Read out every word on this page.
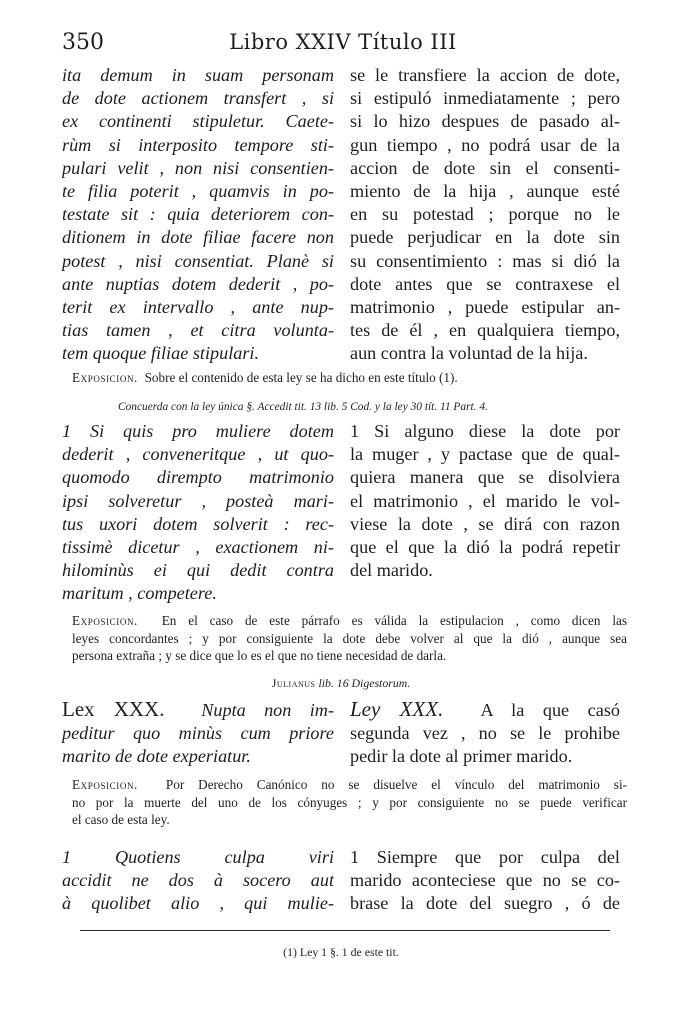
350	Libro XXIV Título III
ita demum in suam personam
de dote actionem transfert , si
ex continenti stipuletur. Caete-
rùm si interposito tempore sti-
pulari velit , non nisi consentien-
te filia poterit , quamvis in po-
testate sit : quia deteriorem con-
ditionem in dote filiae facere non
potest , nisi consentiat. Planè si
ante nuptias dotem dederit , po-
terit ex intervallo , ante nup-
tias tamen , et citra volunta-
tem quoque filiae stipulari.
se le transfiere la accion de dote,
si estipuló inmediatamente ; pero
si lo hizo despues de pasado al-
gun tiempo , no podrá usar de la
accion de dote sin el consenti-
miento de la hija , aunque esté
en su potestad ; porque no le
puede perjudicar en la dote sin
su consentimiento : mas si dió la
dote antes que se contraxese el
matrimonio , puede estipular an-
tes de él , en qualquiera tiempo,
aun contra la voluntad de la hija.
Exposicion. Sobre el contenido de esta ley se ha dicho en este título (1).
Concuerda con la ley única §. Accedit tit. 13 lib. 5 Cod. y la ley 30 tít. 11 Part. 4.
1 Si quis pro muliere dotem
dederit , conveneritque , ut quo-
quomodo dirempto matrimonio
ipsi solveretur , posteà mari-
tus uxori dotem solverit : rec-
tissimè dicetur , exactionem ni-
hilominùs ei qui dedit contra
maritum , competere.
1 Si alguno diese la dote por
la muger , y pactase que de qual-
quiera manera que se disolviera
el matrimonio , el marido le vol-
viese la dote , se dirá con razon
que el que la dió la podrá repetir
del marido.
Exposicion. En el caso de este párrafo es válida la estipulacion , como dicen las
leyes concordantes ; y por consiguiente la dote debe volver al que la dió , aunque sea
persona extraña ; y se dice que lo es el que no tiene necesidad de darla.
Julianus lib. 16 Digestorum.
Lex XXX. Nupta non im-
peditur quo minùs cum priore
marito de dote experiatur.
Ley XXX. A la que casó
segunda vez , no se le prohibe
pedir la dote al primer marido.
Exposicion. Por Derecho Canónico no se disuelve el vínculo del matrimonio si-
no por la muerte del uno de los cónyuges ; y por consiguiente no se puede verificar
el caso de esta ley.
1 Quotiens culpa viri
accidit ne dos à socero aut
à quolibet alio , qui mulie-
1 Siempre que por culpa del
marido aconteciese que no se co-
brase la dote del suegro , ó de
(1) Ley 1 §. 1 de este tit.
